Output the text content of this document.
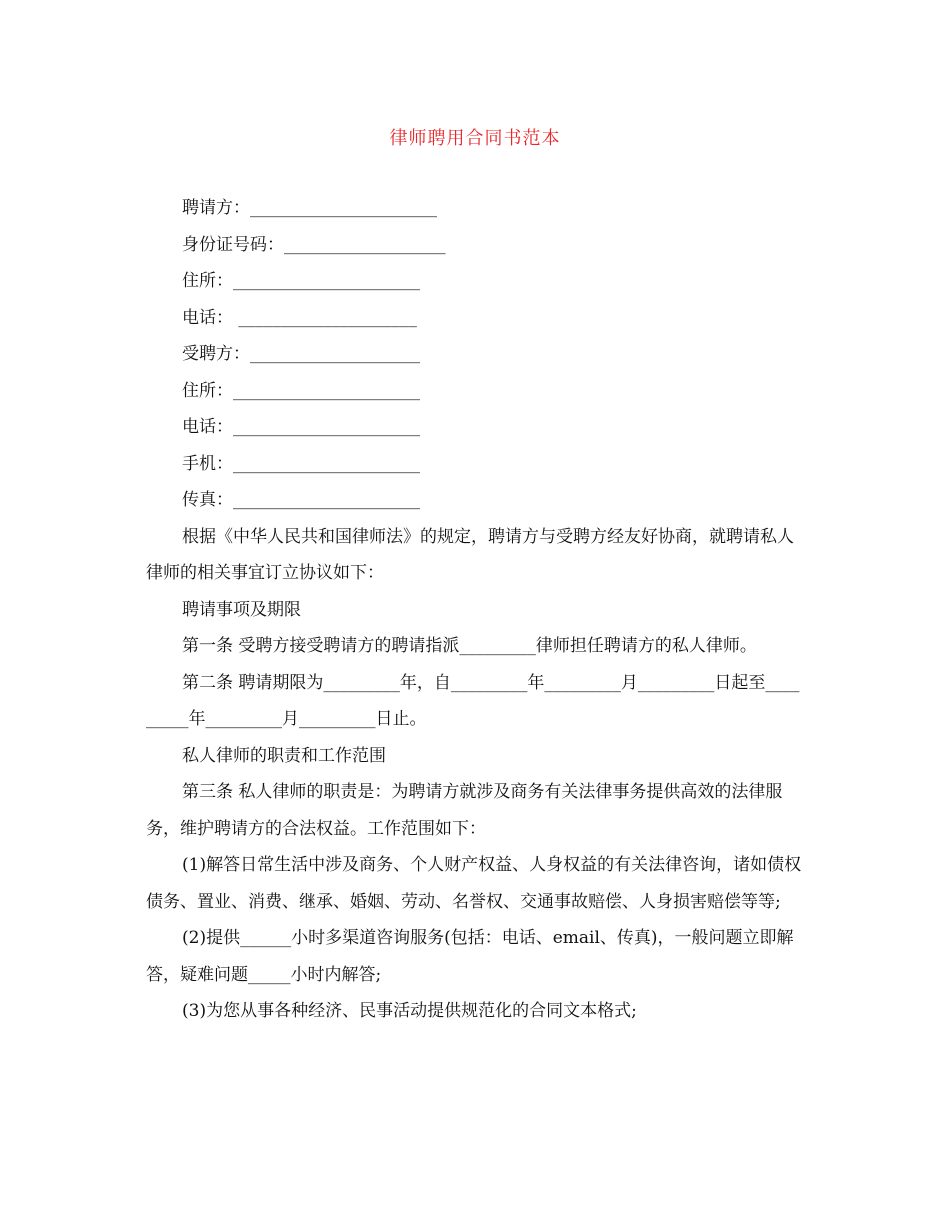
律师聘用合同书范本

聘请方：______________________

身份证号码：___________________

住所：______________________

电话： _____________________

受聘方：____________________

住所：______________________

电话：______________________

手机：______________________

传真：______________________

根据《中华人民共和国律师法》的规定，聘请方与受聘方经友好协商，就聘请私人律师的相关事宜订立协议如下：

聘请事项及期限

第一条 受聘方接受聘请方的聘请指派_________律师担任聘请方的私人律师。

第二条 聘请期限为_________年，自_________年_________月_________日起至_________年_________月_________日止。

私人律师的职责和工作范围

第三条 私人律师的职责是：为聘请方就涉及商务有关法律事务提供高效的法律服务，维护聘请方的合法权益。工作范围如下：

(1)解答日常生活中涉及商务、个人财产权益、人身权益的有关法律咨询，诸如债权债务、置业、消费、继承、婚姻、劳动、名誉权、交通事故赔偿、人身损害赔偿等等;

(2)提供______小时多渠道咨询服务(包括：电话、email、传真)，一般问题立即解答，疑难问题_____小时内解答;

(3)为您从事各种经济、民事活动提供规范化的合同文本格式;
